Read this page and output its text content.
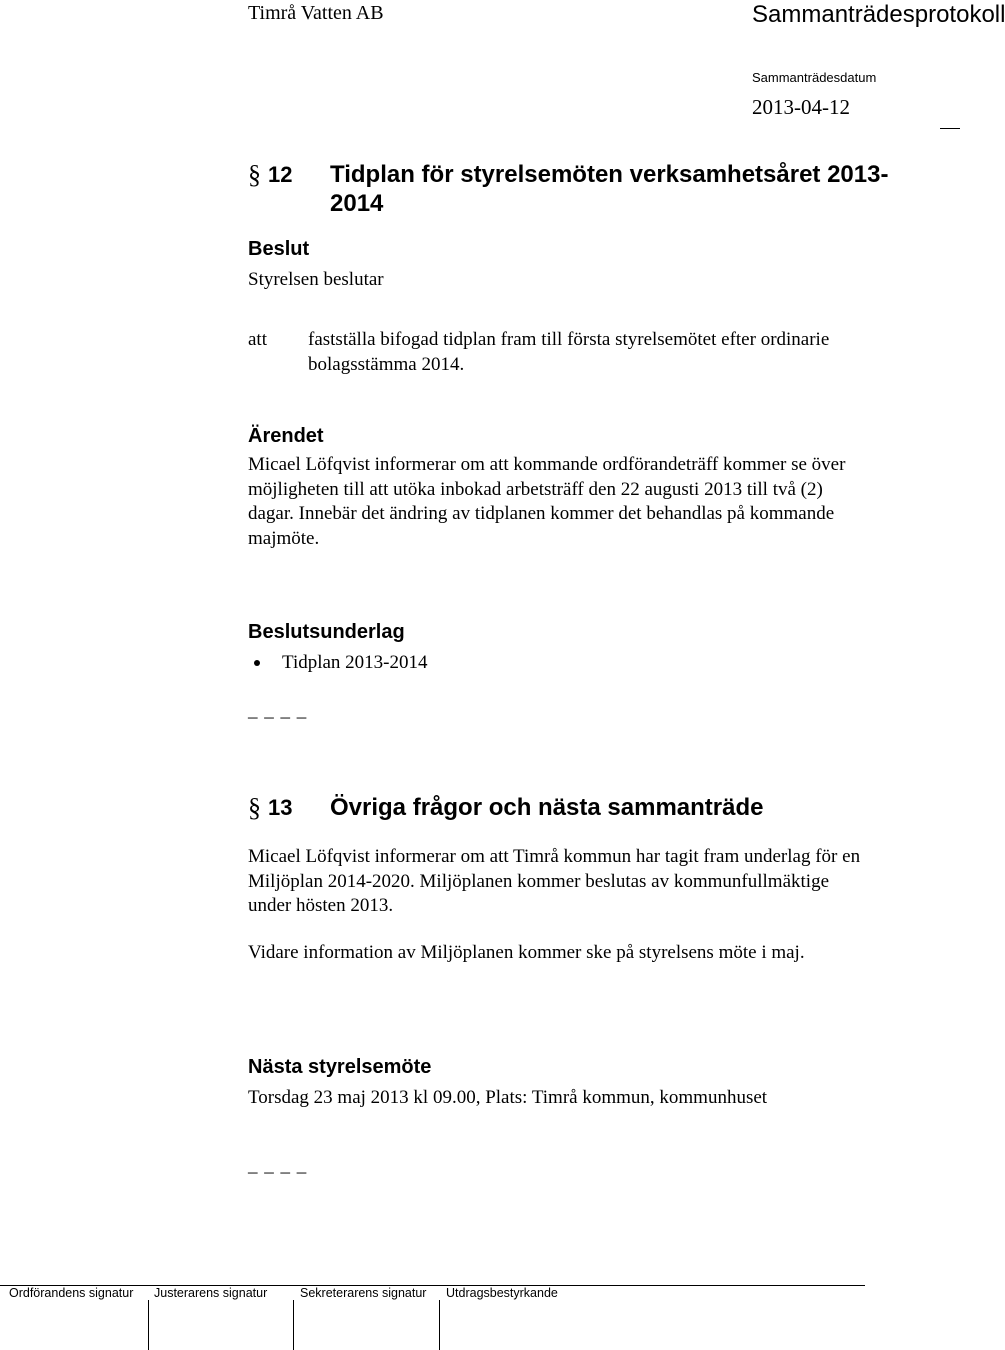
Timrå Vatten AB	Sammanträdesprotokoll
Sammanträdesdatum
2013-04-12
§ 12 Tidplan för styrelsemöten verksamhetsåret 2013-2014
Beslut
Styrelsen beslutar
att fastställa bifogad tidplan fram till första styrelsemötet efter ordinarie bolagsstämma 2014.
Ärendet
Micael Löfqvist informerar om att kommande ordförandeträff kommer se över möjligheten till att utöka inbokad arbetsträff den 22 augusti 2013 till två (2) dagar. Innebär det ändring av tidplanen kommer det behandlas på kommande majmöte.
Beslutsunderlag
Tidplan 2013-2014
_ _ _ _
§ 13 Övriga frågor och nästa sammanträde
Micael Löfqvist informerar om att Timrå kommun har tagit fram underlag för en Miljöplan 2014-2020. Miljöplanen kommer beslutas av kommunfullmäktige under hösten 2013.
Vidare information av Miljöplanen kommer ske på styrelsens möte i maj.
Nästa styrelsemöte
Torsdag 23 maj 2013 kl 09.00, Plats: Timrå kommun, kommunhuset
_ _ _ _
Ordförandens signatur Justerarens signatur	Sekreterarens signatur Utdragsbestyrkande
